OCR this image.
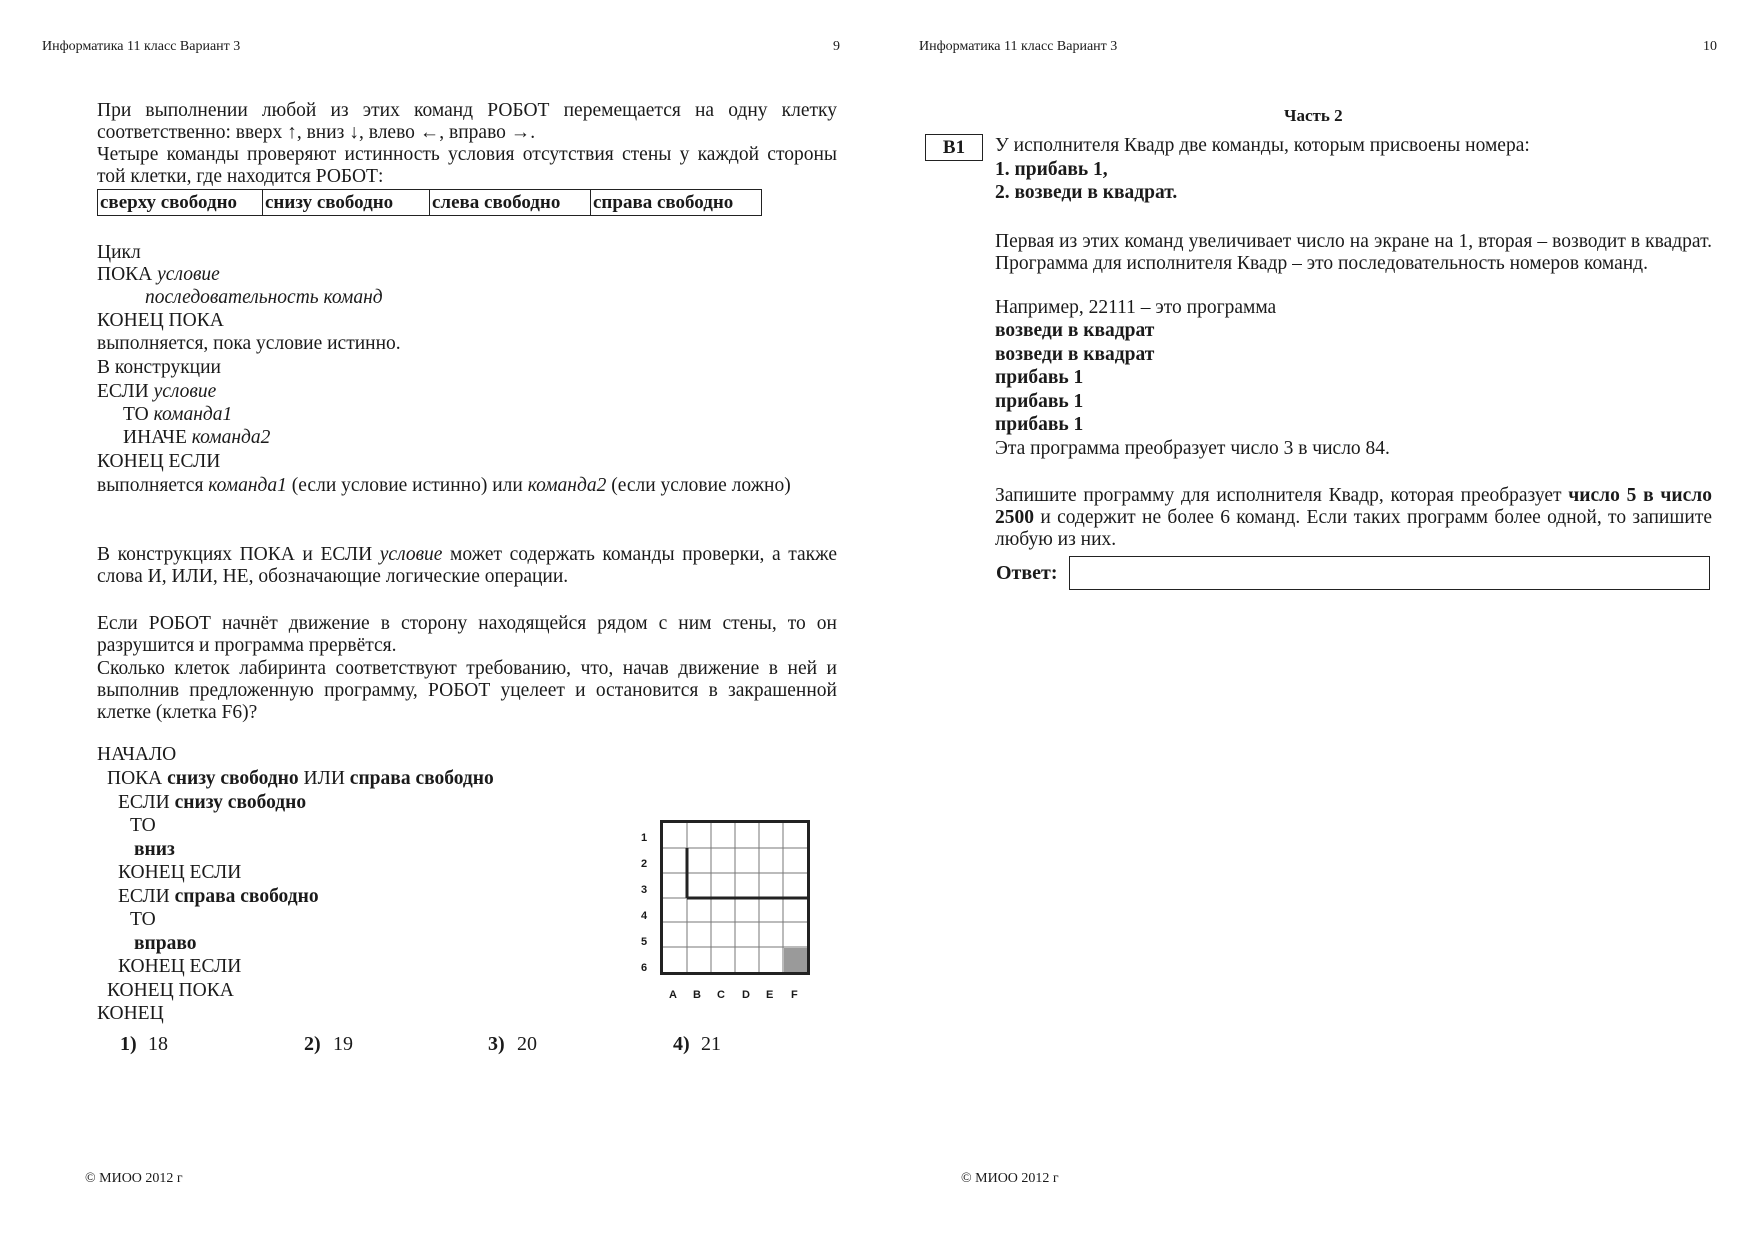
Информатика 11 класс Вариант 3	9
При выполнении любой из этих команд РОБОТ перемещается на одну клетку соответственно: вверх ↑, вниз ↓, влево ←, вправо →.
Четыре команды проверяют истинность условия отсутствия стены у каждой стороны той клетки, где находится РОБОТ:
сверху свободно	снизу свободно	слева свободно	справа свободно
Цикл
ПОКА условие
последовательность команд
КОНЕЦ ПОКА
выполняется, пока условие истинно.
В конструкции
ЕСЛИ условие
ТО команда1
ИНАЧЕ команда2
КОНЕЦ ЕСЛИ
выполняется команда1 (если условие истинно) или команда2 (если условие ложно)
В конструкциях ПОКА и ЕСЛИ условие может содержать команды проверки, а также слова И, ИЛИ, НЕ, обозначающие логические операции.
Если РОБОТ начнёт движение в сторону находящейся рядом с ним стены, то он разрушится и программа прервётся.
Сколько клеток лабиринта соответствуют требованию, что, начав движение в ней и выполнив предложенную программу, РОБОТ уцелеет и остановится в закрашенной клетке (клетка F6)?
НАЧАЛО
ПОКА снизу свободно ИЛИ справа свободно
ЕСЛИ снизу свободно
ТО
вниз
КОНЕЦ ЕСЛИ
ЕСЛИ справа свободно
ТО
вправо
КОНЕЦ ЕСЛИ
КОНЕЦ ПОКА
КОНЕЦ
1
2
3
4
5
6
A B C D E F
1) 18	2) 19	3) 20	4) 21
© МИОО 2012 г
Информатика 11 класс Вариант 3	10
Часть 2
B1	У исполнителя Квадр две команды, которым присвоены номера:
1. прибавь 1,
2. возведи в квадрат.
Первая из этих команд увеличивает число на экране на 1, вторая – возводит в квадрат. Программа для исполнителя Квадр – это последовательность номеров команд.
Например, 22111 – это программа
возведи в квадрат
возведи в квадрат
прибавь 1
прибавь 1
прибавь 1
Эта программа преобразует число 3 в число 84.
Запишите программу для исполнителя Квадр, которая преобразует число 5 в число 2500 и содержит не более 6 команд. Если таких программ более одной, то запишите любую из них.
Ответ:
© МИОО 2012 г
